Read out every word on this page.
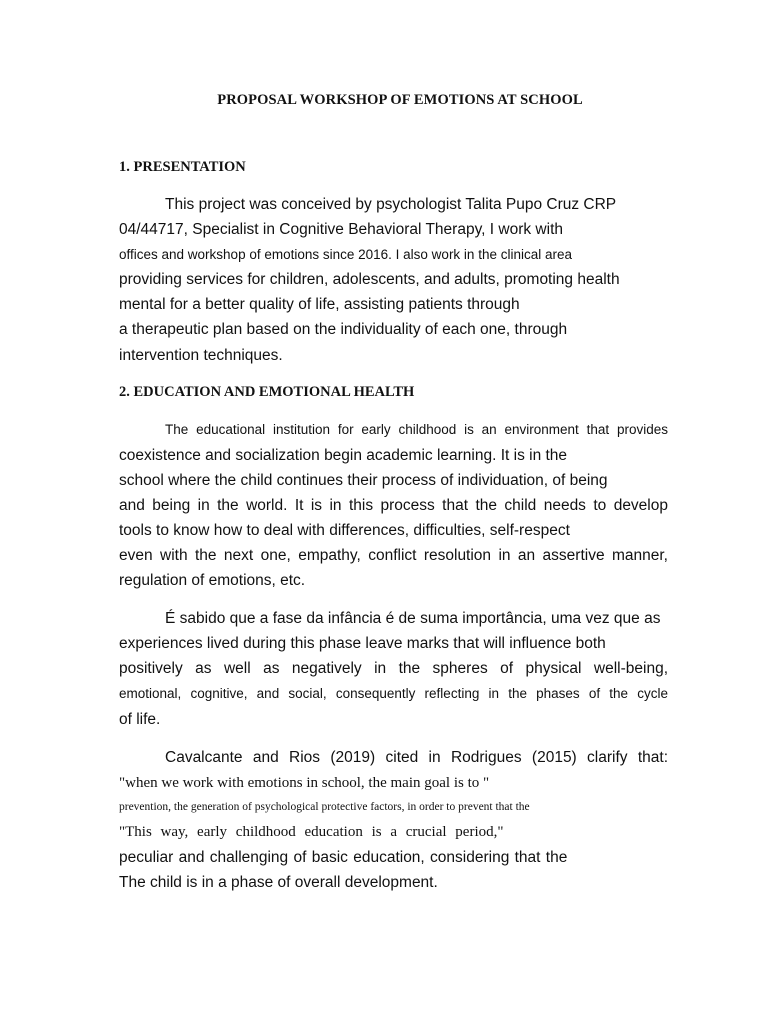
PROPOSAL WORKSHOP OF EMOTIONS AT SCHOOL
1. PRESENTATION
This project was conceived by psychologist Talita Pupo Cruz CRP
04/44717, Specialist in Cognitive Behavioral Therapy, I work with
offices and workshop of emotions since 2016. I also work in the clinical area
providing services for children, adolescents, and adults, promoting health
mental for a better quality of life, assisting patients through
a therapeutic plan based on the individuality of each one, through
intervention techniques.
2. EDUCATION AND EMOTIONAL HEALTH
The educational institution for early childhood is an environment that provides
coexistence and socialization begin academic learning. It is in the
school where the child continues their process of individuation, of being
and being in the world. It is in this process that the child needs to develop
tools to know how to deal with differences, difficulties, self-respect
even with the next one, empathy, conflict resolution in an assertive manner,
regulation of emotions, etc.
É sabido que a fase da infância é de suma importância, uma vez que as
experiences lived during this phase leave marks that will influence both
positively as well as negatively in the spheres of physical well-being,
emotional, cognitive, and social, consequently reflecting in the phases of the cycle
of life.
Cavalcante and Rios (2019) cited in Rodrigues (2015) clarify that:
"when we work with emotions in school, the main goal is to "
prevention, the generation of psychological protective factors, in order to prevent that the
"This way, early childhood education is a crucial period,"
peculiar and challenging of basic education, considering that the
The child is in a phase of overall development.
